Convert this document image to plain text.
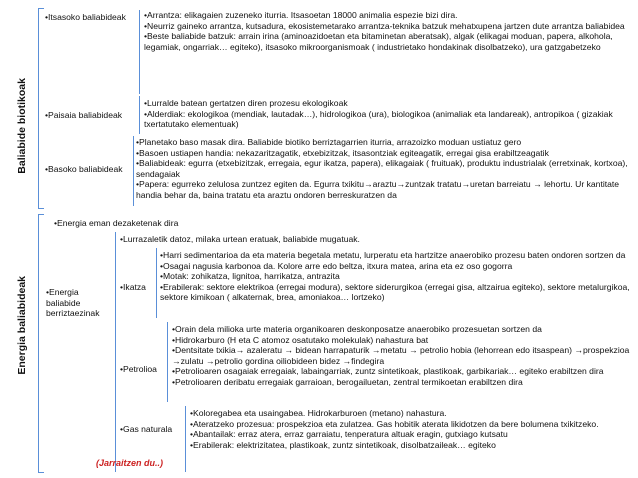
Baliabide biotikoak
•Itsasoko baliabideak •Arrantza: elikagaien zuzeneko iturria. Itsasoetan 18000 animalia espezie bizi dira.
•Neurriz gaineko arrantza, kutsadura, ekosistemetarako arrantza-teknika batzuk mehatxupena jartzen dute arrantza baliabidea
•Beste baliabide batzuk: arrain irina (aminoazidoetan eta bitaminetan aberatsak), algak (elikagai moduan, papera, alkohola, legamiak, ongarriak… egiteko), itsasoko mikroorganismoak ( industrietako hondakinak disolbatzeko), ura gatzgabetzeko
•Paisaia baliabideak
•Lurralde batean gertatzen diren prozesu ekologikoak
•Alderdiak: ekologikoa (mendiak, lautadak…), hidrologikoa (ura), biologikoa (animaliak eta landareak), antropikoa ( gizakiak txertatutako elementuak)
•Basoko baliabideak
•Planetako baso masak dira. Baliabide biotiko berriztagarrien iturria, arrazoizko moduan ustiatuz gero
•Basoen ustiapen handia: nekazaritzagatik, etxebizitzak, itsasontziak egiteagatik, erregai gisa erabiltzeagatik
•Baliabideak: egurra (etxebizitzak, erregaia, egur ikatza, papera), elikagaiak ( fruituak), produktu industrialak (erretxinak, kortxoa), sendagaiak
•Papera: egurreko zelulosa zuntzez egiten da. Egurra txikitu→araztu→zuntzak tratatu→uretan barreiatu → lehortu. Ur kantitate handia behar da, baina tratatu eta araztu ondoren berreskuratzen da
Energia baliabideak
•Energia eman dezaketenak dira
•Energia baliabide berriztaezinak
•Lurrazaletik datoz, milaka urtean eratuak, baliabide mugatuak.
•Ikatza
•Harri sedimentarioa da eta materia begetala metatu, lurperatu eta hartzitze anaerobiko prozesu baten ondoren sortzen da
•Osagai nagusia karbonoa da. Kolore arre edo beltza, itxura matea, arina eta ez oso gogorra
•Motak: zohikatza, lignitoa, harrikatza, antrazita
•Erabilerak: sektore elektrikoa (erregai modura), sektore siderurgikoa (erregai gisa, altzairua egiteko), sektore metalurgikoa, sektore kimikoan ( alkaternak, brea, amoniakoa… lortzeko)
•Petrolioa
•Orain dela milioka urte materia organikoaren deskonposatze anaerobiko prozesuetan sortzen da
•Hidrokarburo (H eta C atomoz osatutako molekulak) nahastura bat
•Dentsitate txikia→ azaleratu → bidean harrapaturik →metatu → petrolio hobia (lehorrean edo itsaspean) →prospekzioa →zulatu →petrolio gordina oiliobideen bidez →findegira
•Petrolioaren osagaiak erregaiak, labaingarriak, zuntz sintetikoak, plastikoak, garbikariak… egiteko erabiltzen dira
•Petrolioaren deribatu erregaiak garraioan, berogailuetan, zentral termikoetan erabiltzen dira
•Gas naturala
•Koloregabea eta usaingabea. Hidrokarburoen (metano) nahastura.
•Ateratzeko prozesua: prospekzioa eta zulatzea. Gas hobitik aterata likidotzen da bere bolumena txikitzeko.
•Abantailak: erraz atera, erraz garraiatu, tenperatura altuak eragin, gutxiago kutsatu
•Erabilerak: elektrizitatea, plastikoak, zuntz sintetikoak, disolbatzaileak… egiteko
(Jarraitzen du..)
